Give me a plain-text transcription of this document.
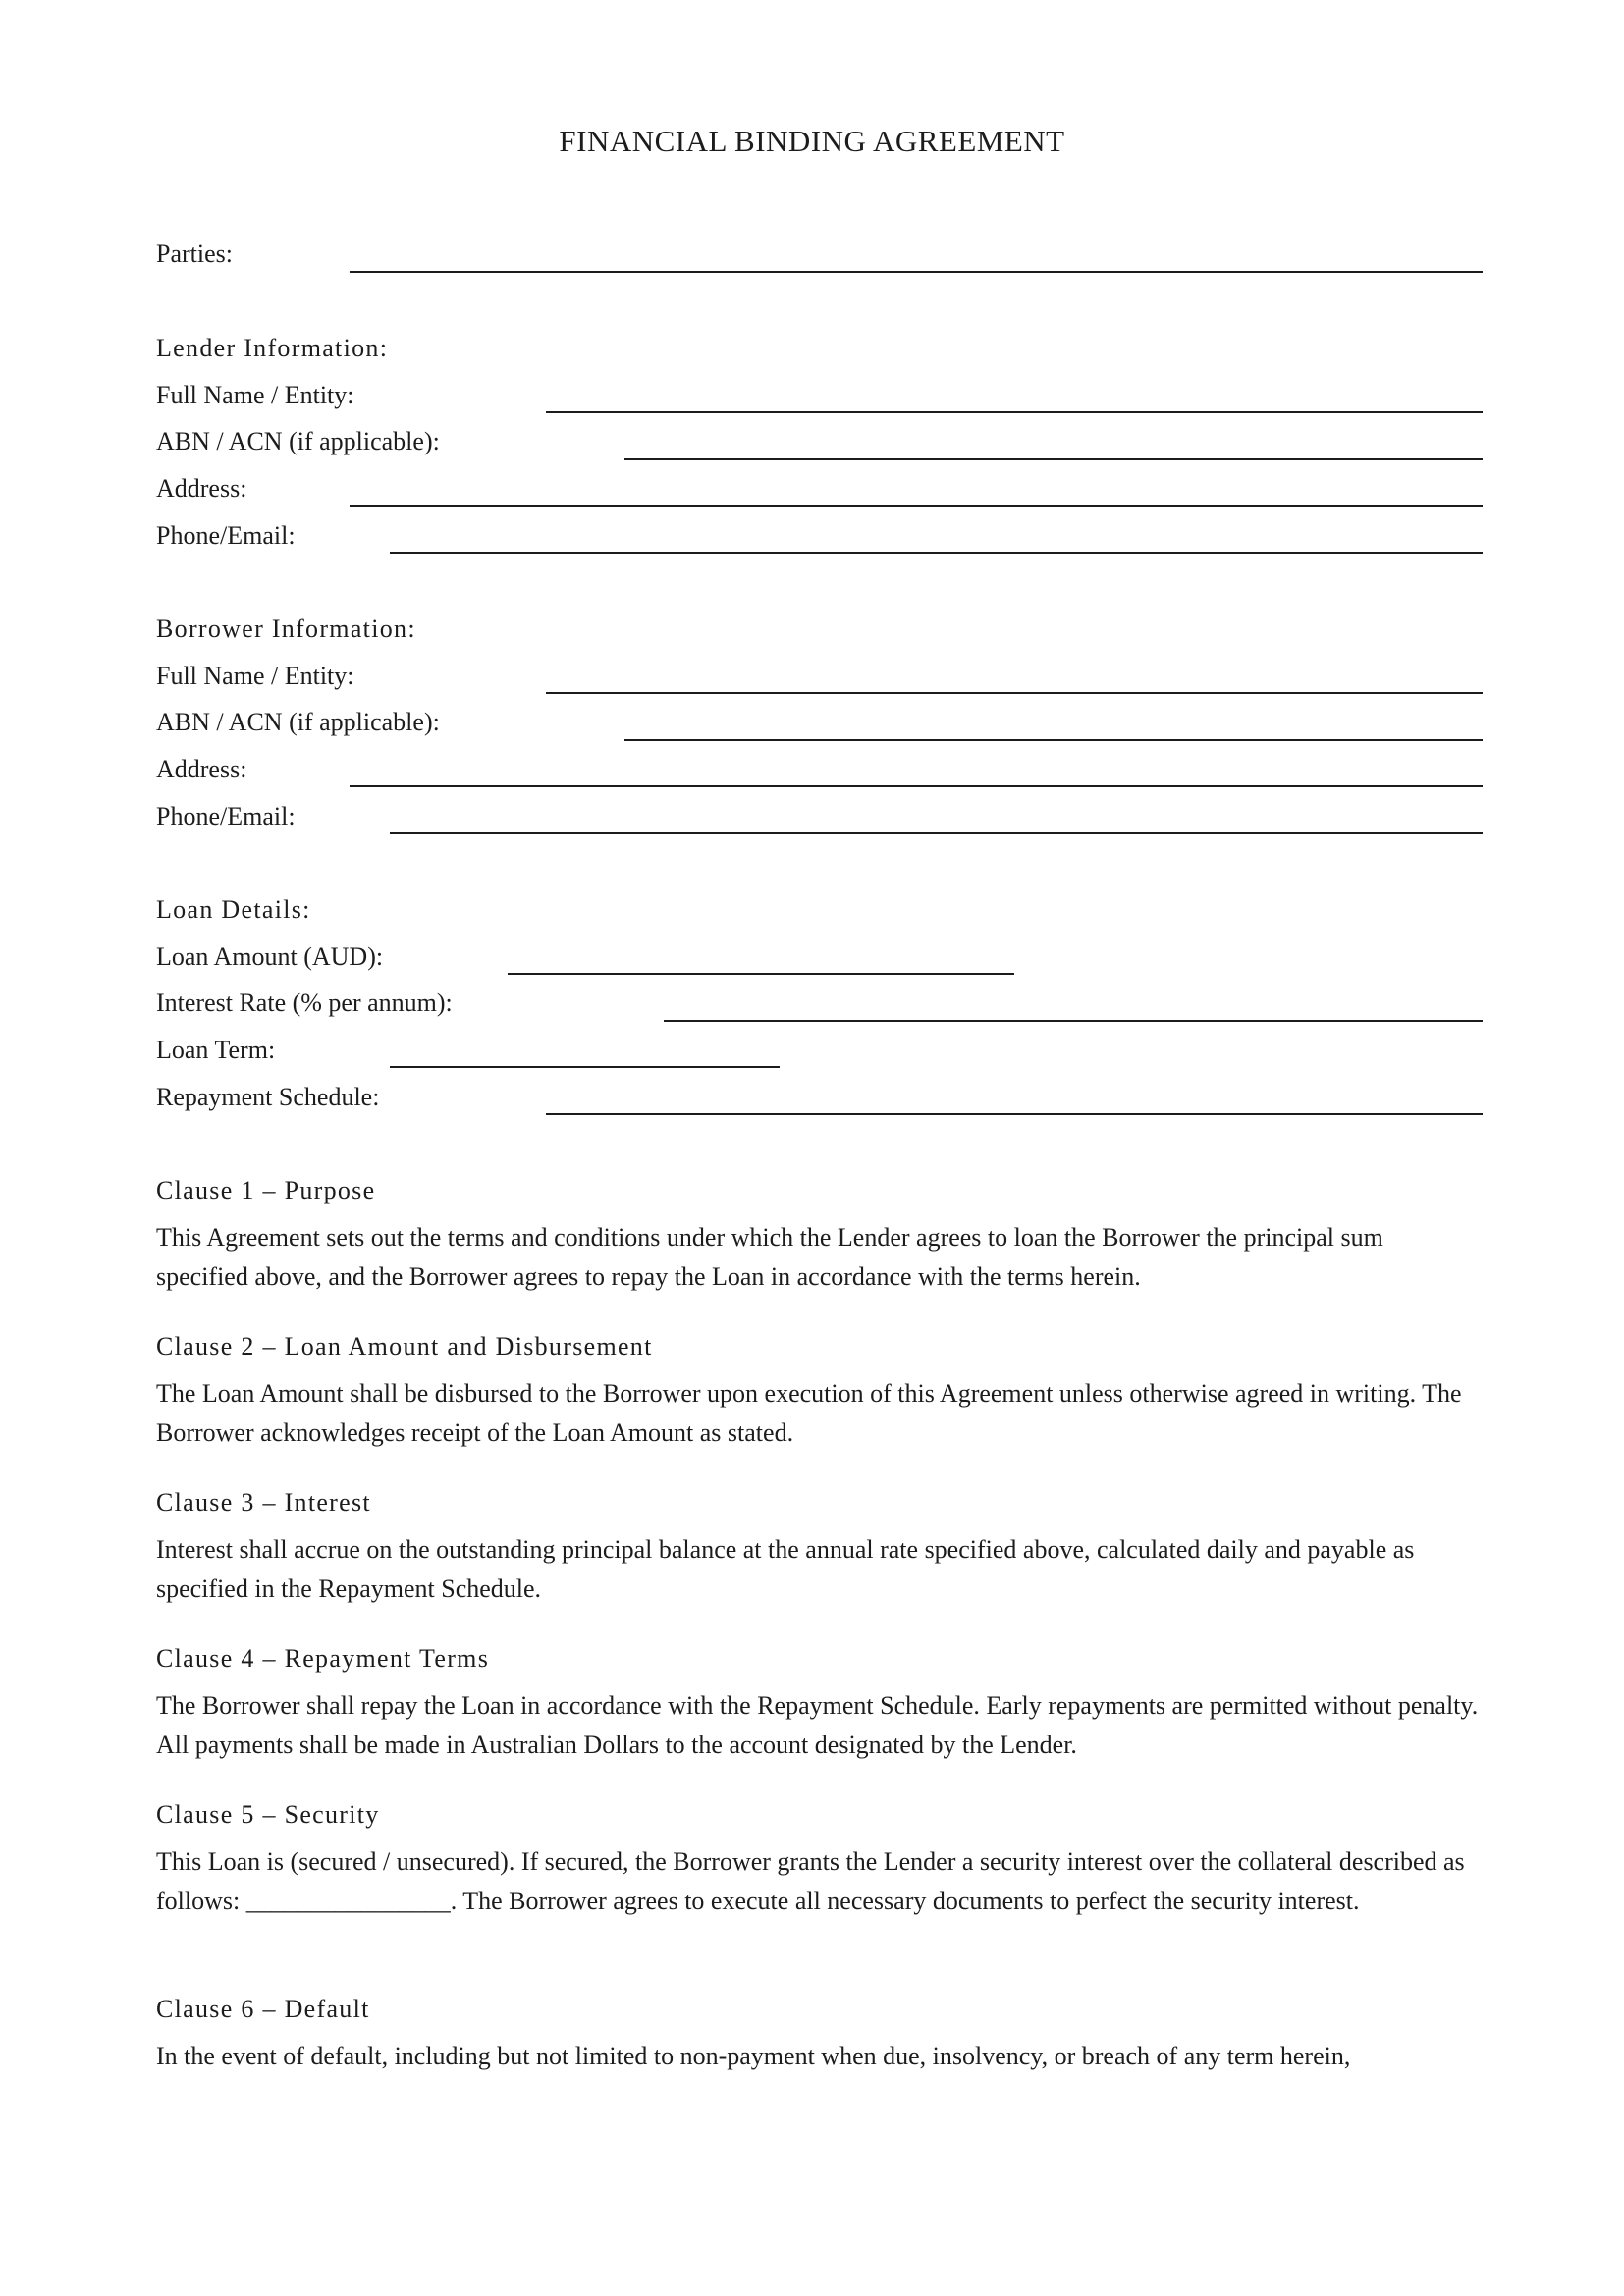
FINANCIAL BINDING AGREEMENT
Parties:
Lender Information:
Full Name / Entity:
ABN / ACN (if applicable):
Address:
Phone/Email:
Borrower Information:
Full Name / Entity:
ABN / ACN (if applicable):
Address:
Phone/Email:
Loan Details:
Loan Amount (AUD):
Interest Rate (% per annum):
Loan Term:
Repayment Schedule:
Clause 1 – Purpose

This Agreement sets out the terms and conditions under which the Lender agrees to loan the Borrower the principal sum specified above, and the Borrower agrees to repay the Loan in accordance with the terms herein.

Clause 2 – Loan Amount and Disbursement

The Loan Amount shall be disbursed to the Borrower upon execution of this Agreement unless otherwise agreed in writing. The Borrower acknowledges receipt of the Loan Amount as stated.

Clause 3 – Interest

Interest shall accrue on the outstanding principal balance at the annual rate specified above, calculated daily and payable as specified in the Repayment Schedule.

Clause 4 – Repayment Terms

The Borrower shall repay the Loan in accordance with the Repayment Schedule. Early repayments are permitted without penalty. All payments shall be made in Australian Dollars to the account designated by the Lender.

Clause 5 – Security

This Loan is (secured / unsecured). If secured, the Borrower grants the Lender a security interest over the collateral described as follows: ________________. The Borrower agrees to execute all necessary documents to perfect the security interest.

Clause 6 – Default

In the event of default, including but not limited to non-payment when due, insolvency, or breach of any term herein,
